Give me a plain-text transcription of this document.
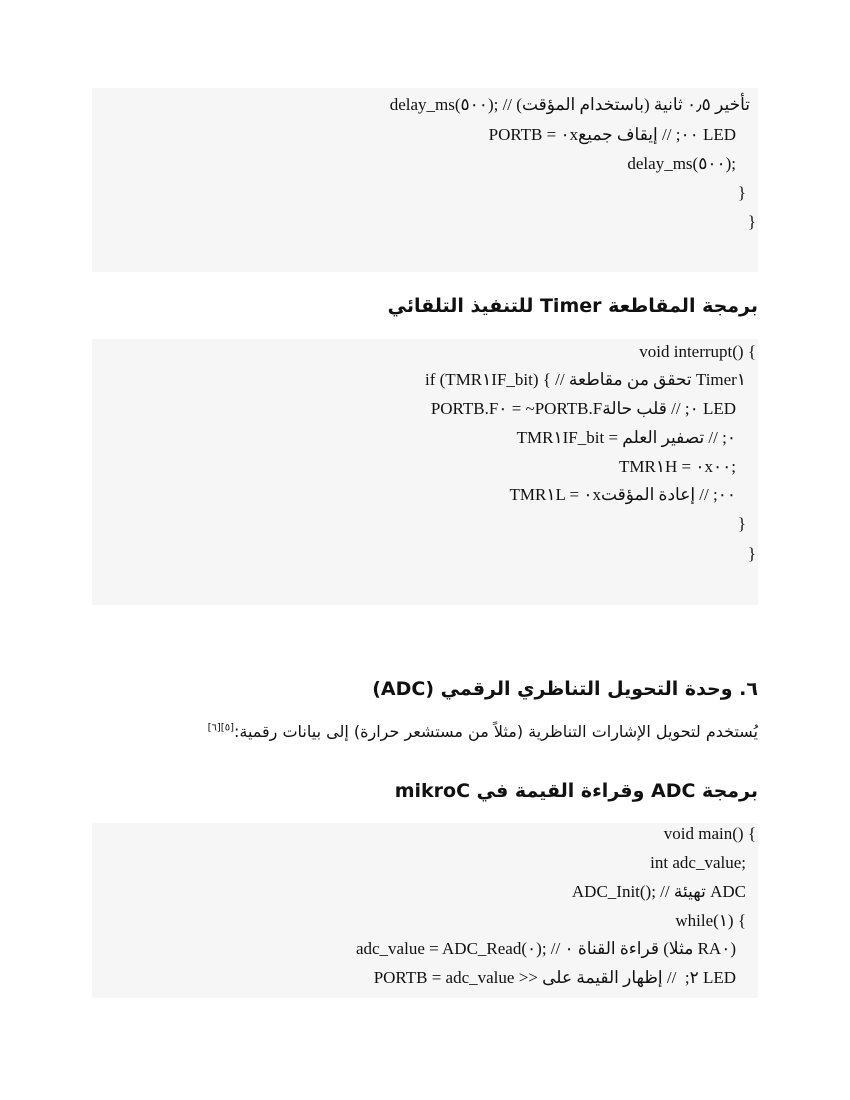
delay_ms(٥٠٠); // تأخير ٠٫٥ ثانية (باستخدام المؤقت)
PORTB = ٠x٠٠; // إيقاف جميع LED
delay_ms(٥٠٠);
}
}
برمجة المقاطعة Timer للتنفيذ التلقائي
void interrupt() {
if (TMR١IF_bit) { // تحقق من مقاطعة Timer١
PORTB.F٠ = ~PORTB.F٠; // قلب حالة LED
TMR١IF_bit = ٠; // تصفير العلم
TMR١H = ٠x٠٠;
TMR١L = ٠x٠٠; // إعادة المؤقت
}
}
٦. وحدة التحويل التناظري الرقمي (ADC)
يُستخدم لتحويل الإشارات التناظرية (مثلاً من مستشعر حرارة) إلى بيانات رقمية:[٥][٦]
برمجة ADC وقراءة القيمة في mikroC
void main() {
int adc_value;
ADC_Init(); // تهيئة ADC
while(١) {
adc_value = ADC_Read(٠); // قراءة القناة ٠ (مثلا RA٠)
PORTB = adc_value >> ٢;  // إظهار القيمة على LED
